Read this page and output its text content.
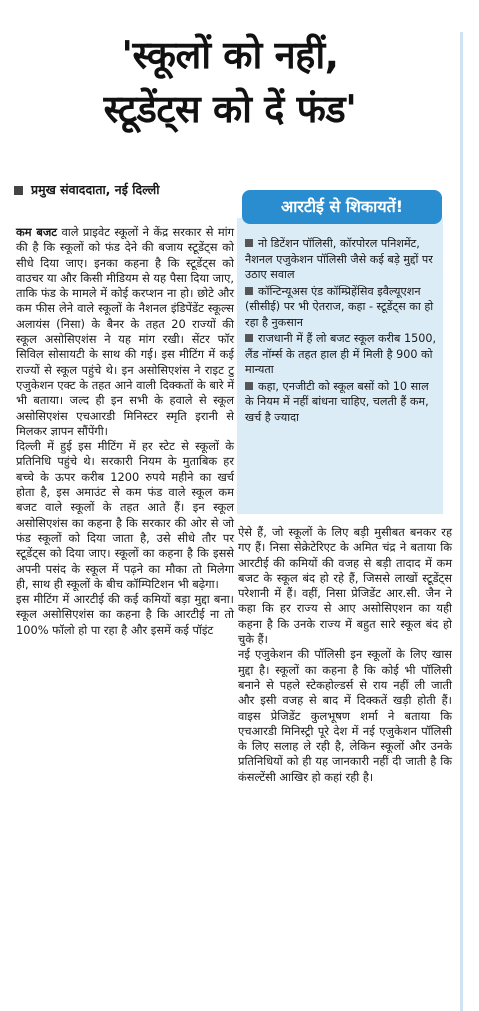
'स्कूलों को नहीं,
स्टूडेंट्स को दें फंड'
प्रमुख संवाददाता, नई दिल्ली

कम बजट वाले प्राइवेट स्कूलों ने केंद्र सरकार से मांग की है कि स्कूलों को फंड देने की बजाय स्टूडेंट्स को सीधे दिया जाए। इनका कहना है कि स्टूडेंट्स को वाउचर या और किसी मीडियम से यह पैसा दिया जाए, ताकि फंड के मामले में कोई करप्शन ना हो। छोटे और कम फीस लेने वाले स्कूलों के नैशनल इंडिपेंडेंट स्कूल्स अलायंस (निसा) के बैनर के तहत 20 राज्यों की स्कूल असोसिएशंस ने यह मांग रखी। सेंटर फॉर सिविल सोसायटी के साथ की गई। इस मीटिंग में कई राज्यों से स्कूल पहुंचे थे। इन असोसिएशंस ने राइट टु एजुकेशन एक्ट के तहत आने वाली दिक्कतों के बारे में भी बताया। जल्द ही इन सभी के हवाले से स्कूल असोसिएशंस एचआरडी मिनिस्टर स्मृति इरानी से मिलकर ज्ञापन सौंपेंगी।

दिल्ली में हुई इस मीटिंग में हर स्टेट से स्कूलों के प्रतिनिधि पहुंचे थे। सरकारी नियम के मुताबिक हर बच्चे के ऊपर करीब 1200 रुपये महीने का खर्च होता है, इस अमाउंट से कम फंड वाले स्कूल कम बजट वाले स्कूलों के तहत आते हैं। इन स्कूल असोसिएशंस का कहना है कि सरकार की ओर से जो फंड स्कूलों को दिया जाता है, उसे सीधे तौर पर स्टूडेंट्स को दिया जाए। स्कूलों का कहना है कि इससे अपनी पसंद के स्कूल में पढ़ने का मौका तो मिलेगा ही, साथ ही स्कूलों के बीच कॉम्पिटिशन भी बढ़ेगा।

इस मीटिंग में आरटीई की कई कमियों बड़ा मुद्दा बना। स्कूल असोसिएशंस का कहना है कि आरटीई ना तो 100% फॉलो हो पा रहा है और इसमें कई पॉइंट

आरटीई से शिकायतें!

नो डिटेंशन पॉलिसी, कॉरपोरल पनिशमेंट, नैशनल एजुकेशन पॉलिसी जैसे कई बड़े मुद्दों पर उठाए सवाल

कॉन्टिन्यूअस एंड कॉम्प्रिहेंसिव इवैल्यूएशन (सीसीई) पर भी ऐतराज, कहा - स्टूडेंट्स का हो रहा है नुकसान

राजधानी में हैं लो बजट स्कूल करीब 1500, लैंड नॉर्म्स के तहत हाल ही में मिली है 900 को मान्यता

कहा, एनजीटी को स्कूल बसों को 10 साल के नियम में नहीं बांधना चाहिए, चलती हैं कम, खर्च है ज्यादा

ऐसे हैं, जो स्कूलों के लिए बड़ी मुसीबत बनकर रह गए हैं। निसा सेक्रेटेरिएट के अमित चंद्र ने बताया कि आरटीई की कमियों की वजह से बड़ी तादाद में कम बजट के स्कूल बंद हो रहे हैं, जिससे लाखों स्टूडेंट्स परेशानी में हैं। वहीं, निसा प्रेजिडेंट आर.सी. जैन ने कहा कि हर राज्य से आए असोसिएशन का यही कहना है कि उनके राज्य में बहुत सारे स्कूल बंद हो चुके हैं।

नई एजुकेशन की पॉलिसी इन स्कूलों के लिए खास मुद्दा है। स्कूलों का कहना है कि कोई भी पॉलिसी बनाने से पहले स्टेकहोल्डर्स से राय नहीं ली जाती और इसी वजह से बाद में दिक्कतें खड़ी होती हैं। वाइस प्रेजिडेंट कुलभूषण शर्मा ने बताया कि एचआरडी मिनिस्ट्री पूरे देश में नई एजुकेशन पॉलिसी के लिए सलाह ले रही है, लेकिन स्कूलों और उनके प्रतिनिधियों को ही यह जानकारी नहीं दी जाती है कि कंसल्टेंसी आखिर हो कहां रही है।
